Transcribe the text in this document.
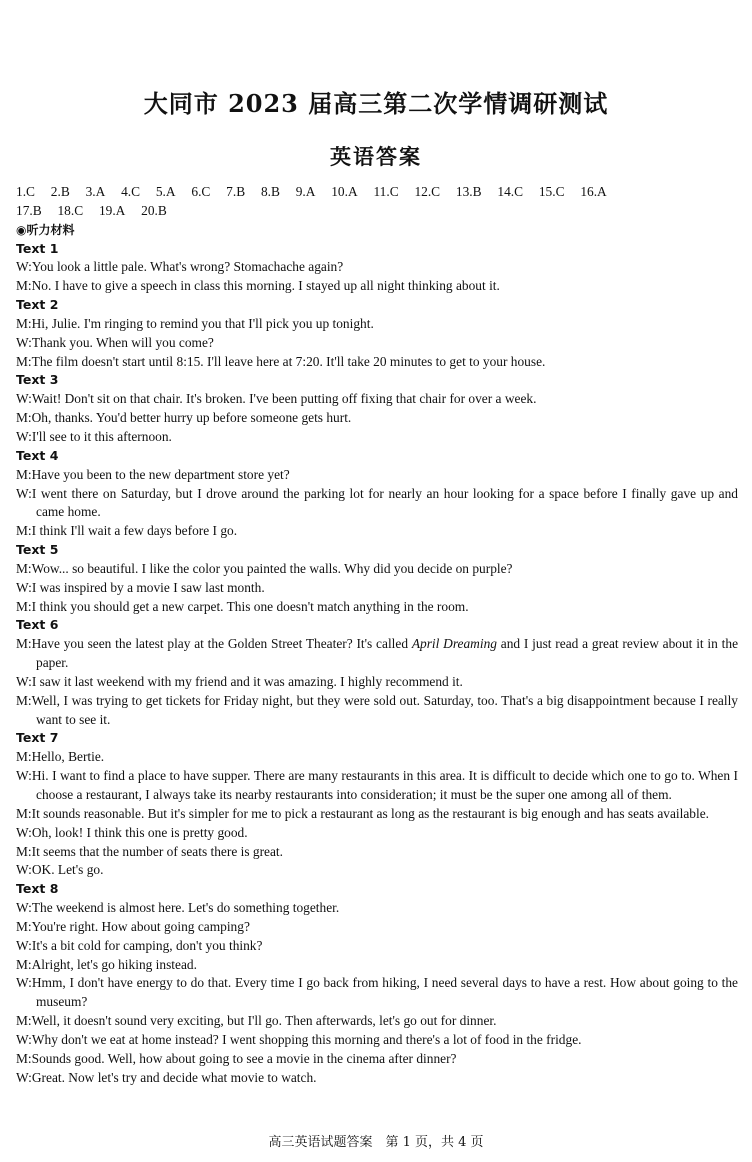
大同市 2023 届高三第二次学情调研测试
英语答案
1.C 2.B 3.A 4.C 5.A 6.C 7.B 8.B 9.A 10.A 11.C 12.C 13.B 14.C 15.C 16.A
17.B 18.C 19.A 20.B
◉听力材料
Text 1
W:You look a little pale. What's wrong? Stomachache again?
M:No. I have to give a speech in class this morning. I stayed up all night thinking about it.
Text 2
M:Hi, Julie. I'm ringing to remind you that I'll pick you up tonight.
W:Thank you. When will you come?
M:The film doesn't start until 8:15. I'll leave here at 7:20. It'll take 20 minutes to get to your house.
Text 3
W:Wait! Don't sit on that chair. It's broken. I've been putting off fixing that chair for over a week.
M:Oh, thanks. You'd better hurry up before someone gets hurt.
W:I'll see to it this afternoon.
Text 4
M:Have you been to the new department store yet?
W:I went there on Saturday, but I drove around the parking lot for nearly an hour looking for a space before I finally gave up and came home.
M:I think I'll wait a few days before I go.
Text 5
M:Wow... so beautiful. I like the color you painted the walls. Why did you decide on purple?
W:I was inspired by a movie I saw last month.
M:I think you should get a new carpet. This one doesn't match anything in the room.
Text 6
M:Have you seen the latest play at the Golden Street Theater? It's called April Dreaming and I just read a great review about it in the paper.
W:I saw it last weekend with my friend and it was amazing. I highly recommend it.
M:Well, I was trying to get tickets for Friday night, but they were sold out. Saturday, too. That's a big disappointment because I really want to see it.
Text 7
M:Hello, Bertie.
W:Hi. I want to find a place to have supper. There are many restaurants in this area. It is difficult to decide which one to go to. When I choose a restaurant, I always take its nearby restaurants into consideration; it must be the super one among all of them.
M:It sounds reasonable. But it's simpler for me to pick a restaurant as long as the restaurant is big enough and has seats available.
W:Oh, look! I think this one is pretty good.
M:It seems that the number of seats there is great.
W:OK. Let's go.
Text 8
W:The weekend is almost here. Let's do something together.
M:You're right. How about going camping?
W:It's a bit cold for camping, don't you think?
M:Alright, let's go hiking instead.
W:Hmm, I don't have energy to do that. Every time I go back from hiking, I need several days to have a rest. How about going to the museum?
M:Well, it doesn't sound very exciting, but I'll go. Then afterwards, let's go out for dinner.
W:Why don't we eat at home instead? I went shopping this morning and there's a lot of food in the fridge.
M:Sounds good. Well, how about going to see a movie in the cinema after dinner?
W:Great. Now let's try and decide what movie to watch.
高三英语试题答案　第 1 页，共 4 页
